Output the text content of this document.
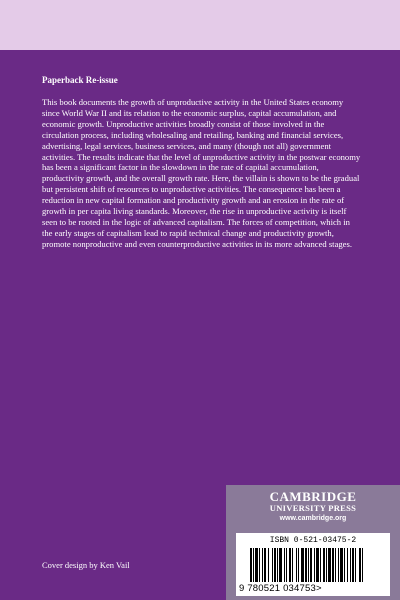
Paperback Re-issue
This book documents the growth of unproductive activity in the United States economy since World War II and its relation to the economic surplus, capital accumulation, and economic growth. Unproductive activities broadly consist of those involved in the circulation process, including wholesaling and retailing, banking and financial services, advertising, legal services, business services, and many (though not all) government activities. The results indicate that the level of unproductive activity in the postwar economy has been a significant factor in the slowdown in the rate of capital accumulation, productivity growth, and the overall growth rate. Here, the villain is shown to be the gradual but persistent shift of resources to unproductive activities. The consequence has been a reduction in new capital formation and productivity growth and an erosion in the rate of growth in per capita living standards. Moreover, the rise in unproductive activity is itself seen to be rooted in the logic of advanced capitalism. The forces of competition, which in the early stages of capitalism lead to rapid technical change and productivity growth, promote nonproductive and even counterproductive activities in its more advanced stages.
CAMBRIDGE
UNIVERSITY PRESS
www.cambridge.org
ISBN 0-521-03475-2
9 780521 034753>
Cover design by Ken Vail
